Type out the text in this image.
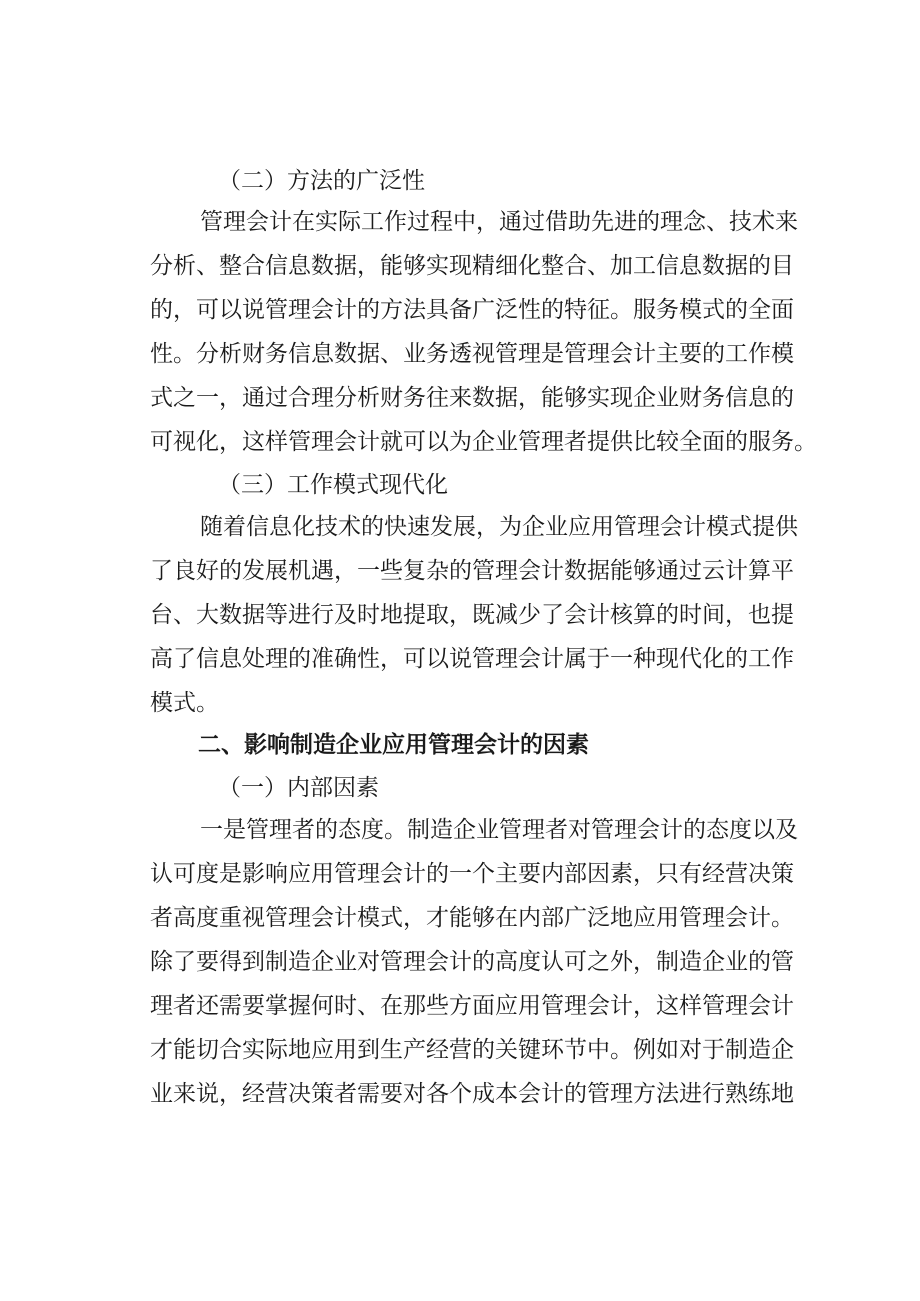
（二）方法的广泛性
管理会计在实际工作过程中，通过借助先进的理念、技术来
分析、整合信息数据，能够实现精细化整合、加工信息数据的目
的，可以说管理会计的方法具备广泛性的特征。服务模式的全面
性。分析财务信息数据、业务透视管理是管理会计主要的工作模
式之一，通过合理分析财务往来数据，能够实现企业财务信息的
可视化，这样管理会计就可以为企业管理者提供比较全面的服务。
（三）工作模式现代化
随着信息化技术的快速发展，为企业应用管理会计模式提供
了良好的发展机遇，一些复杂的管理会计数据能够通过云计算平
台、大数据等进行及时地提取，既减少了会计核算的时间，也提
高了信息处理的准确性，可以说管理会计属于一种现代化的工作
模式。
二、影响制造企业应用管理会计的因素
（一）内部因素
一是管理者的态度。制造企业管理者对管理会计的态度以及
认可度是影响应用管理会计的一个主要内部因素，只有经营决策
者高度重视管理会计模式，才能够在内部广泛地应用管理会计。
除了要得到制造企业对管理会计的高度认可之外，制造企业的管
理者还需要掌握何时、在那些方面应用管理会计，这样管理会计
才能切合实际地应用到生产经营的关键环节中。例如对于制造企
业来说，经营决策者需要对各个成本会计的管理方法进行熟练地
